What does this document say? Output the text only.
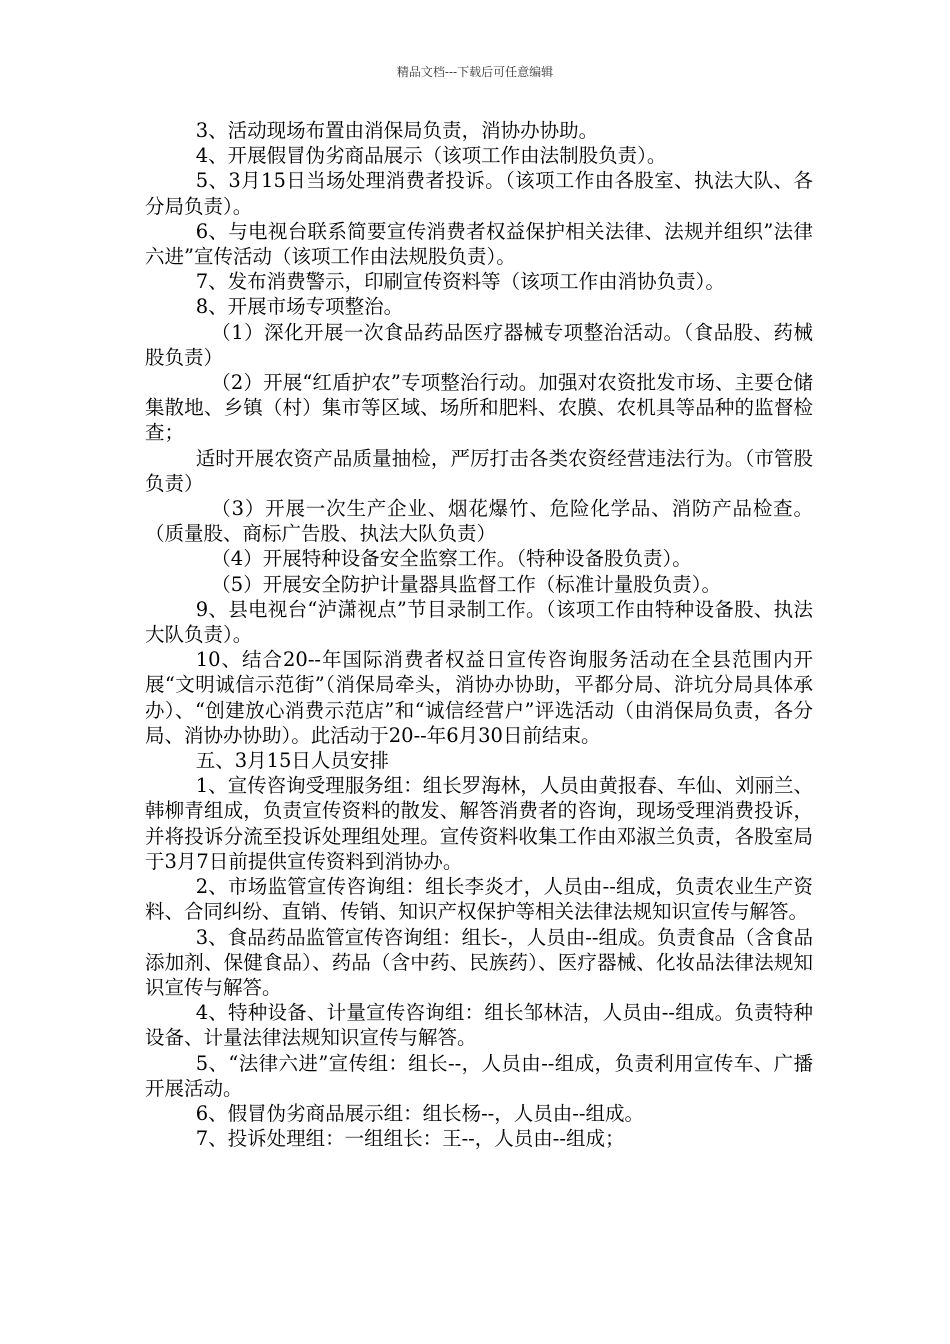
精品文档---下载后可任意编辑

3、活动现场布置由消保局负责，消协办协助。

4、开展假冒伪劣商品展示（该项工作由法制股负责）。

5、3月15日当场处理消费者投诉。（该项工作由各股室、执法大队、各分局负责）。

6、与电视台联系简要宣传消费者权益保护相关法律、法规并组织”法律六进”宣传活动（该项工作由法规股负责）。

7、发布消费警示，印刷宣传资料等（该项工作由消协负责）。

8、开展市场专项整治。

（1）深化开展一次食品药品医疗器械专项整治活动。（食品股、药械股负责）

（2）开展“红盾护农”专项整治行动。加强对农资批发市场、主要仓储集散地、乡镇（村）集市等区域、场所和肥料、农膜、农机具等品种的监督检查；

适时开展农资产品质量抽检，严厉打击各类农资经营违法行为。（市管股负责）

（3）开展一次生产企业、烟花爆竹、危险化学品、消防产品检查。（质量股、商标广告股、执法大队负责）

（4）开展特种设备安全监察工作。（特种设备股负责）。

（5）开展安全防护计量器具监督工作（标准计量股负责）。

9、县电视台“泸潇视点”节目录制工作。（该项工作由特种设备股、执法大队负责）。

10、结合20--年国际消费者权益日宣传咨询服务活动在全县范围内开展“文明诚信示范街”（消保局牵头，消协办协助，平都分局、浒坑分局具体承办）、“创建放心消费示范店”和“诚信经营户”评选活动（由消保局负责，各分局、消协办协助）。此活动于20--年6月30日前结束。

五、3月15日人员安排

1、宣传咨询受理服务组：组长罗海林，人员由黄报春、车仙、刘丽兰、韩柳青组成，负责宣传资料的散发、解答消费者的咨询，现场受理消费投诉，并将投诉分流至投诉处理组处理。宣传资料收集工作由邓淑兰负责，各股室局于3月7日前提供宣传资料到消协办。

2、市场监管宣传咨询组：组长李炎才，人员由--组成，负责农业生产资料、合同纠纷、直销、传销、知识产权保护等相关法律法规知识宣传与解答。

3、食品药品监管宣传咨询组：组长-，人员由--组成。负责食品（含食品添加剂、保健食品）、药品（含中药、民族药）、医疗器械、化妆品法律法规知识宣传与解答。

4、特种设备、计量宣传咨询组：组长邹林洁，人员由--组成。负责特种设备、计量法律法规知识宣传与解答。

5、“法律六进”宣传组：组长--，人员由--组成，负责利用宣传车、广播开展活动。

6、假冒伪劣商品展示组：组长杨--，人员由--组成。

7、投诉处理组：一组组长：王--，人员由--组成；
